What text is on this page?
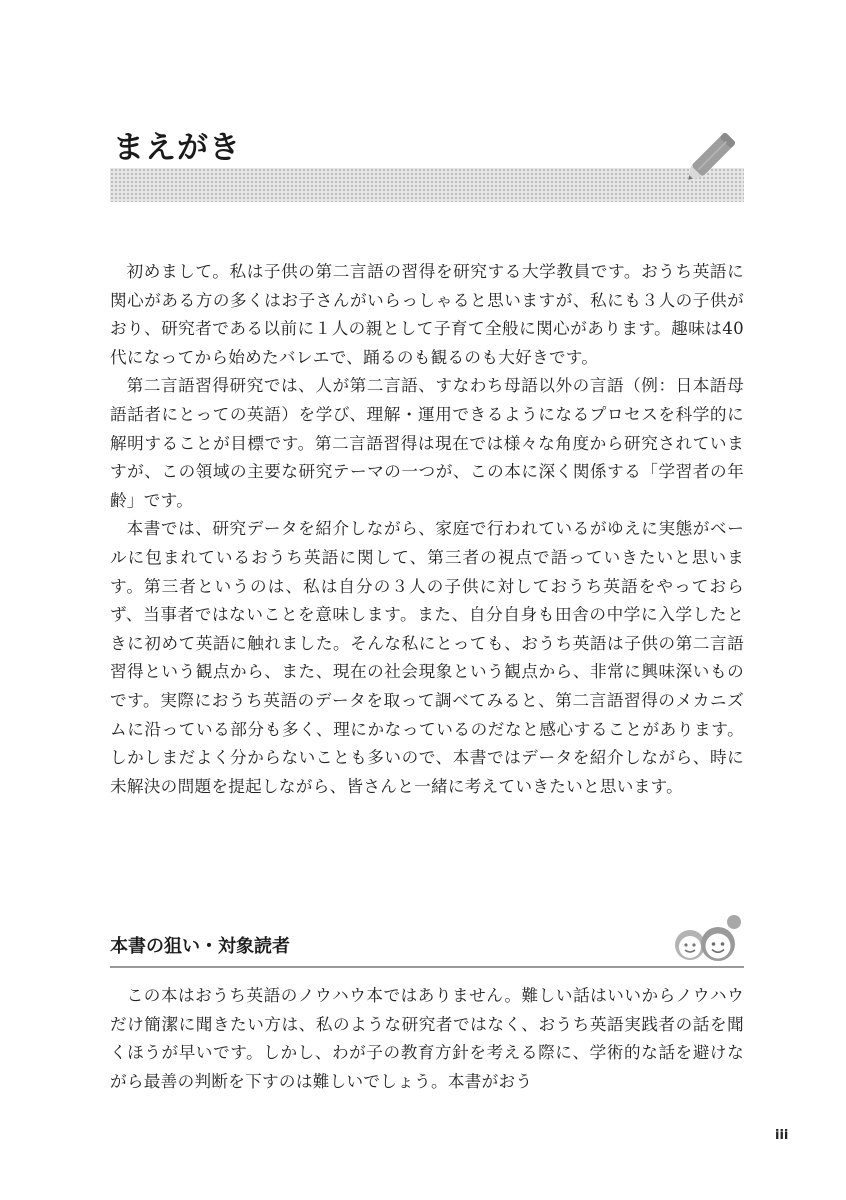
まえがき

初めまして。私は子供の第二言語の習得を研究する大学教員です。おうち英語に関心がある方の多くはお子さんがいらっしゃると思いますが、私にも３人の子供がおり、研究者である以前に１人の親として子育て全般に関心があります。趣味は40代になってから始めたバレエで、踊るのも観るのも大好きです。

第二言語習得研究では、人が第二言語、すなわち母語以外の言語（例：日本語母語話者にとっての英語）を学び、理解・運用できるようになるプロセスを科学的に解明することが目標です。第二言語習得は現在では様々な角度から研究されていますが、この領域の主要な研究テーマの一つが、この本に深く関係する「学習者の年齢」です。

本書では、研究データを紹介しながら、家庭で行われているがゆえに実態がベールに包まれているおうち英語に関して、第三者の視点で語っていきたいと思います。第三者というのは、私は自分の３人の子供に対しておうち英語をやっておらず、当事者ではないことを意味します。また、自分自身も田舎の中学に入学したときに初めて英語に触れました。そんな私にとっても、おうち英語は子供の第二言語習得という観点から、また、現在の社会現象という観点から、非常に興味深いものです。実際におうち英語のデータを取って調べてみると、第二言語習得のメカニズムに沿っている部分も多く、理にかなっているのだなと感心することがあります。しかしまだよく分からないことも多いので、本書ではデータを紹介しながら、時に未解決の問題を提起しながら、皆さんと一緒に考えていきたいと思います。

本書の狙い・対象読者

この本はおうち英語のノウハウ本ではありません。難しい話はいいからノウハウだけ簡潔に聞きたい方は、私のような研究者ではなく、おうち英語実践者の話を聞くほうが早いです。しかし、わが子の教育方針を考える際に、学術的な話を避けながら最善の判断を下すのは難しいでしょう。本書がおう

iii
